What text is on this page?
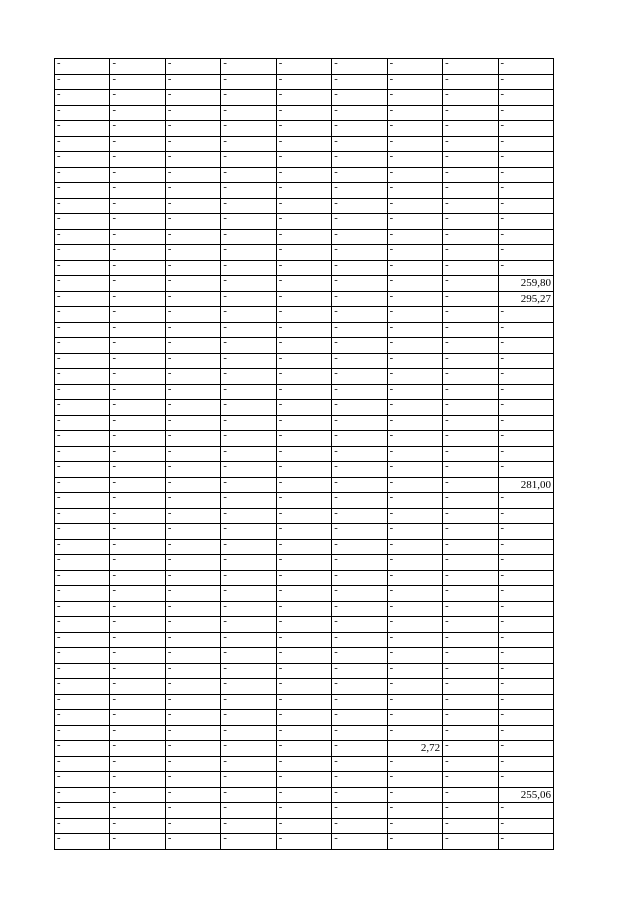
-	-	-	-	-	-	-	-	-
-	-	-	-	-	-	-	-	-
-	-	-	-	-	-	-	-	-
-	-	-	-	-	-	-	-	-
-	-	-	-	-	-	-	-	-
-	-	-	-	-	-	-	-	-
-	-	-	-	-	-	-	-	-
-	-	-	-	-	-	-	-	-
-	-	-	-	-	-	-	-	-
-	-	-	-	-	-	-	-	-
-	-	-	-	-	-	-	-	-
-	-	-	-	-	-	-	-	-
-	-	-	-	-	-	-	-	-
-	-	-	-	-	-	-	-	-
-	-	-	-	-	-	-	-	259,80
-	-	-	-	-	-	-	-	295,27
-	-	-	-	-	-	-	-	-
-	-	-	-	-	-	-	-	-
-	-	-	-	-	-	-	-	-
-	-	-	-	-	-	-	-	-
-	-	-	-	-	-	-	-	-
-	-	-	-	-	-	-	-	-
-	-	-	-	-	-	-	-	-
-	-	-	-	-	-	-	-	-
-	-	-	-	-	-	-	-	-
-	-	-	-	-	-	-	-	-
-	-	-	-	-	-	-	-	-
-	-	-	-	-	-	-	-	281,00
-	-	-	-	-	-	-	-	-
-	-	-	-	-	-	-	-	-
-	-	-	-	-	-	-	-	-
-	-	-	-	-	-	-	-	-
-	-	-	-	-	-	-	-	-
-	-	-	-	-	-	-	-	-
-	-	-	-	-	-	-	-	-
-	-	-	-	-	-	-	-	-
-	-	-	-	-	-	-	-	-
-	-	-	-	-	-	-	-	-
-	-	-	-	-	-	-	-	-
-	-	-	-	-	-	-	-	-
-	-	-	-	-	-	-	-	-
-	-	-	-	-	-	-	-	-
-	-	-	-	-	-	-	-	-
-	-	-	-	-	-	-	-	-
-	-	-	-	-	-	2,72	-	-
-	-	-	-	-	-	-	-	-
-	-	-	-	-	-	-	-	-
-	-	-	-	-	-	-	-	255,06
-	-	-	-	-	-	-	-	-
-	-	-	-	-	-	-	-	-
-	-	-	-	-	-	-	-	-
